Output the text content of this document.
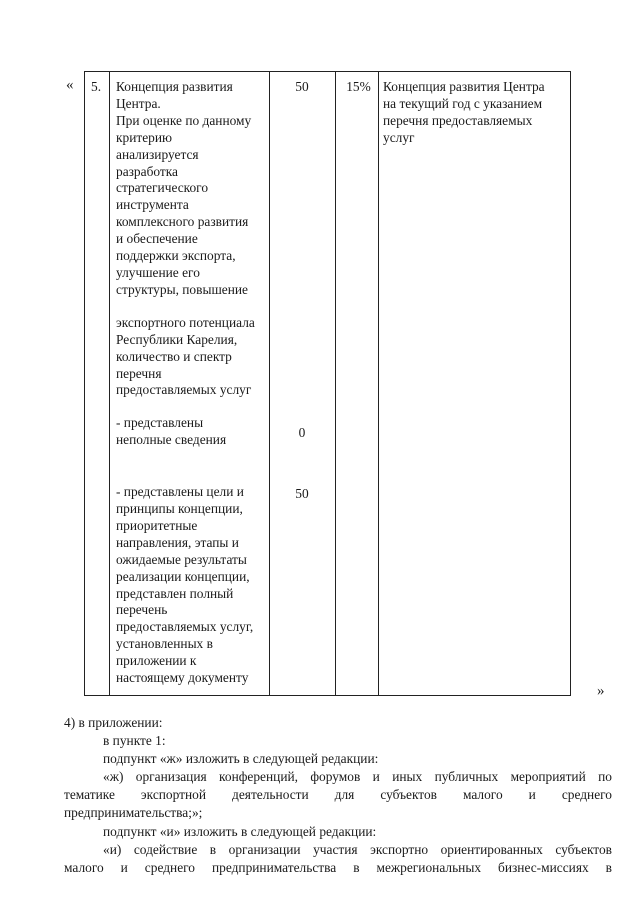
« 5. Концепция развития

Центра.

При оценке по данному

критерию

анализируется

разработка

стратегического

инструмента

комплексного развития

и обеспечение

поддержки экспорта,

улучшение его

структуры, повышение

экспортного потенциала

Республики Карелия,

количество и спектр

перечня

предоставляемых услуг

- представлены

неполные сведения

- представлены цели и

принципы концепции,

приоритетные

направления, этапы и

ожидаемые результаты

реализации концепции,

представлен полный

перечень

предоставляемых услуг,

установленных в

приложении к

настоящему документу

50
0
50
15% Концепция развития Центра
на текущий год с указанием
перечня предоставляемых
услуг
»

4) в приложении:

в пункте 1:

подпункт «ж» изложить в следующей редакции:

«ж) организация конференций, форумов и иных публичных мероприятий по

тематике экспортной деятельности для субъектов малого и среднего

предпринимательства;»;

подпункт «и» изложить в следующей редакции:

«и) содействие в организации участия экспортно ориентированных субъектов

малого и среднего предпринимательства в межрегиональных бизнес-миссиях в
